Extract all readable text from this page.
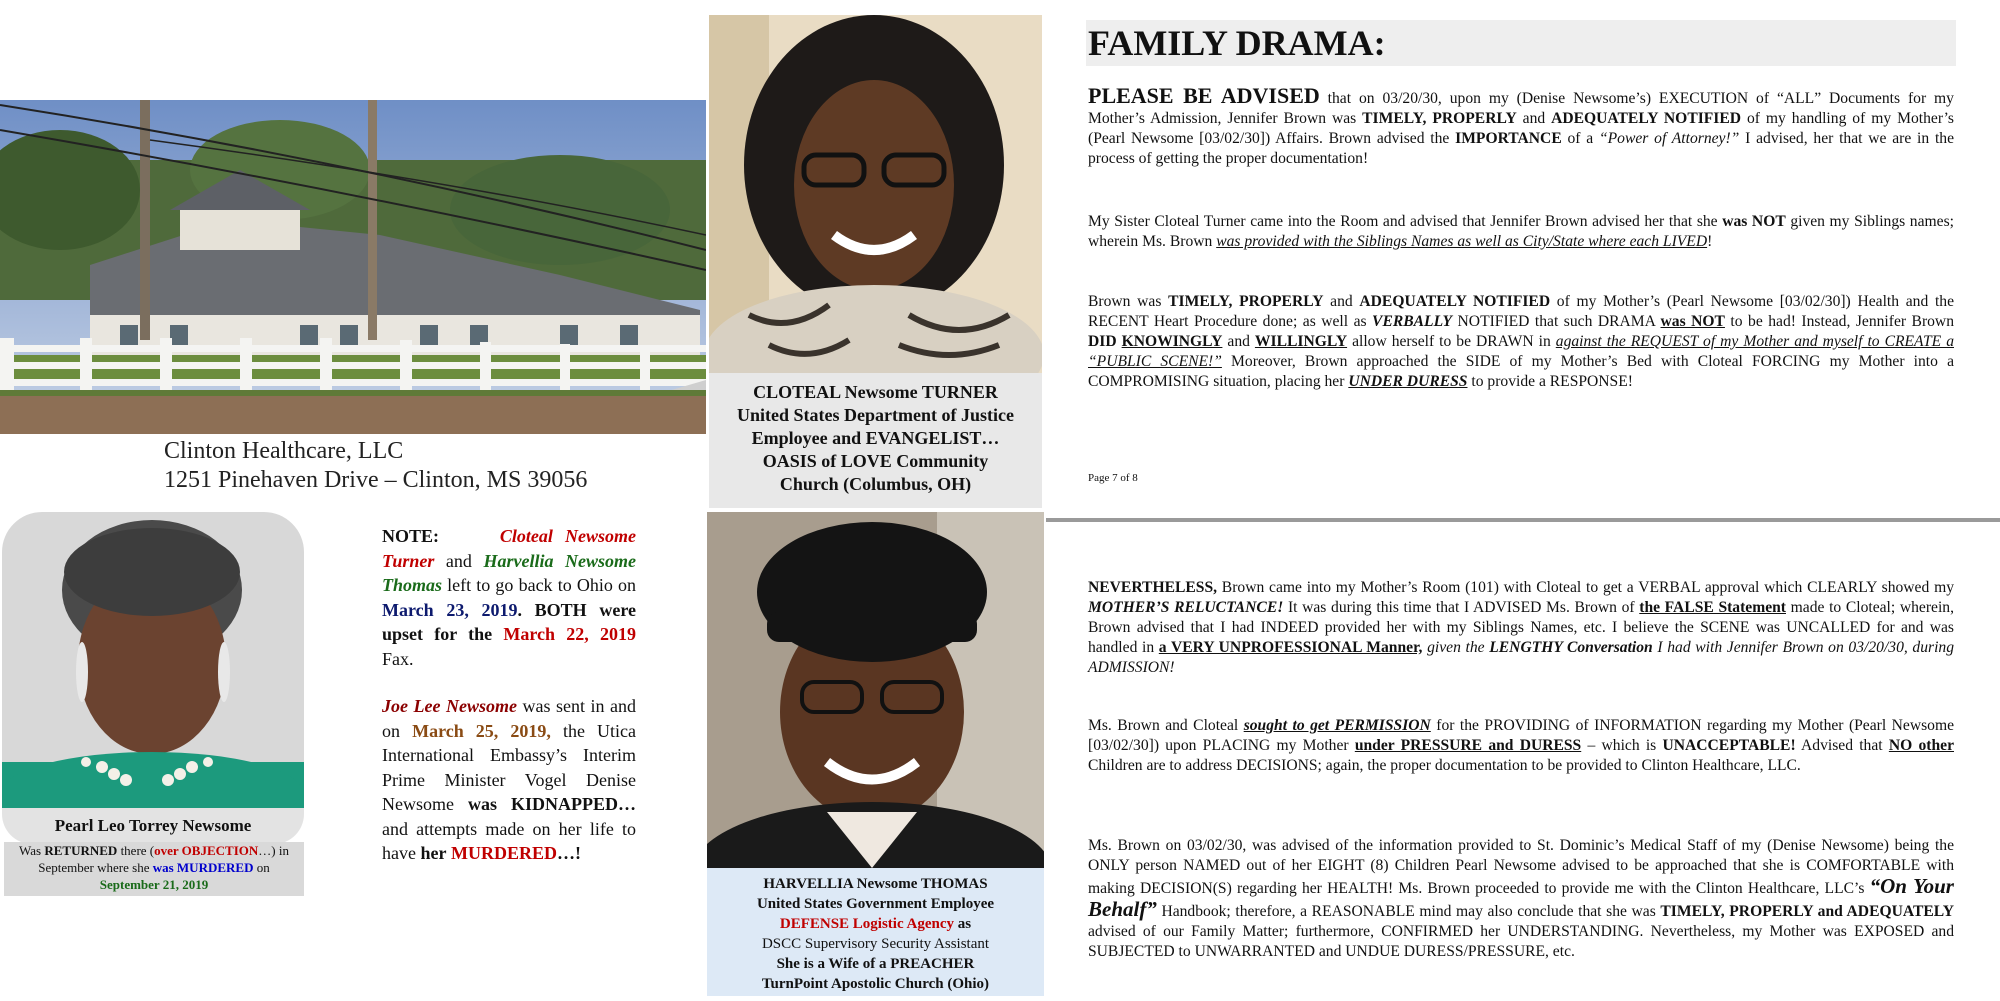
Clinton Healthcare, LLC
1251 Pinehaven Drive – Clinton, MS 39056
Pearl Leo Torrey Newsome
Was RETURNED there (over OBJECTION…) in September where she was MURDERED on
September 21, 2019

NOTE:	Cloteal Newsome Turner and Harvellia Newsome Thomas left to go back to Ohio on March 23, 2019. BOTH were upset for the March 22, 2019 Fax.

Joe Lee Newsome was sent in and on March 25, 2019, the Utica International Embassy’s Interim Prime Minister Vogel Denise Newsome was KIDNAPPED…and attempts made on her life to have her MURDERED…!

CLOTEAL Newsome TURNER
United States Department of Justice
Employee and EVANGELIST…
OASIS of LOVE Community
Church (Columbus, OH)
HARVELLIA Newsome THOMAS
United States Government Employee
DEFENSE Logistic Agency as
DSCC Supervisory Security Assistant
She is a Wife of a PREACHER
TurnPoint Apostolic Church (Ohio)
FAMILY DRAMA:
PLEASE BE ADVISED that on 03/20/30, upon my (Denise Newsome’s) EXECUTION of “ALL” Documents for my Mother’s Admission, Jennifer Brown was TIMELY, PROPERLY and ADEQUATELY NOTIFIED of my handling of my Mother’s (Pearl Newsome [03/02/30]) Affairs. Brown advised the IMPORTANCE of a “Power of Attorney!” I advised, her that we are in the process of getting the proper documentation!
My Sister Cloteal Turner came into the Room and advised that Jennifer Brown advised her that she was NOT given my Siblings names; wherein Ms. Brown was provided with the Siblings Names as well as City/State where each LIVED!
Brown was TIMELY, PROPERLY and ADEQUATELY NOTIFIED of my Mother’s (Pearl Newsome [03/02/30]) Health and the RECENT Heart Procedure done; as well as VERBALLY NOTIFIED that such DRAMA was NOT to be had! Instead, Jennifer Brown DID KNOWINGLY and WILLINGLY allow herself to be DRAWN in against the REQUEST of my Mother and myself to CREATE a “PUBLIC SCENE!” Moreover, Brown approached the SIDE of my Mother’s Bed with Cloteal FORCING my Mother into a COMPROMISING situation, placing her UNDER DURESS to provide a RESPONSE!
Page 7 of 8
NEVERTHELESS, Brown came into my Mother’s Room (101) with Cloteal to get a VERBAL approval which CLEARLY showed my MOTHER’S RELUCTANCE! It was during this time that I ADVISED Ms. Brown of the FALSE Statement made to Cloteal; wherein, Brown advised that I had INDEED provided her with my Siblings Names, etc. I believe the SCENE was UNCALLED for and was handled in a VERY UNPROFESSIONAL Manner, given the LENGTHY Conversation I had with Jennifer Brown on 03/20/30, during ADMISSION!
Ms. Brown and Cloteal sought to get PERMISSION for the PROVIDING of INFORMATION regarding my Mother (Pearl Newsome [03/02/30]) upon PLACING my Mother under PRESSURE and DURESS – which is UNACCEPTABLE! Advised that NO other Children are to address DECISIONS; again, the proper documentation to be provided to Clinton Healthcare, LLC.
Ms. Brown on 03/02/30, was advised of the information provided to St. Dominic’s Medical Staff of my (Denise Newsome) being the ONLY person NAMED out of her EIGHT (8) Children Pearl Newsome advised to be approached that she is COMFORTABLE with making DECISION(S) regarding her HEALTH! Ms. Brown proceeded to provide me with the Clinton Healthcare, LLC’s “On Your Behalf” Handbook; therefore, a REASONABLE mind may also conclude that she was TIMELY, PROPERLY and ADEQUATELY advised of our Family Matter; furthermore, CONFIRMED her UNDERSTANDING. Nevertheless, my Mother was EXPOSED and SUBJECTED to UNWARRANTED and UNDUE DURESS/PRESSURE, etc.
